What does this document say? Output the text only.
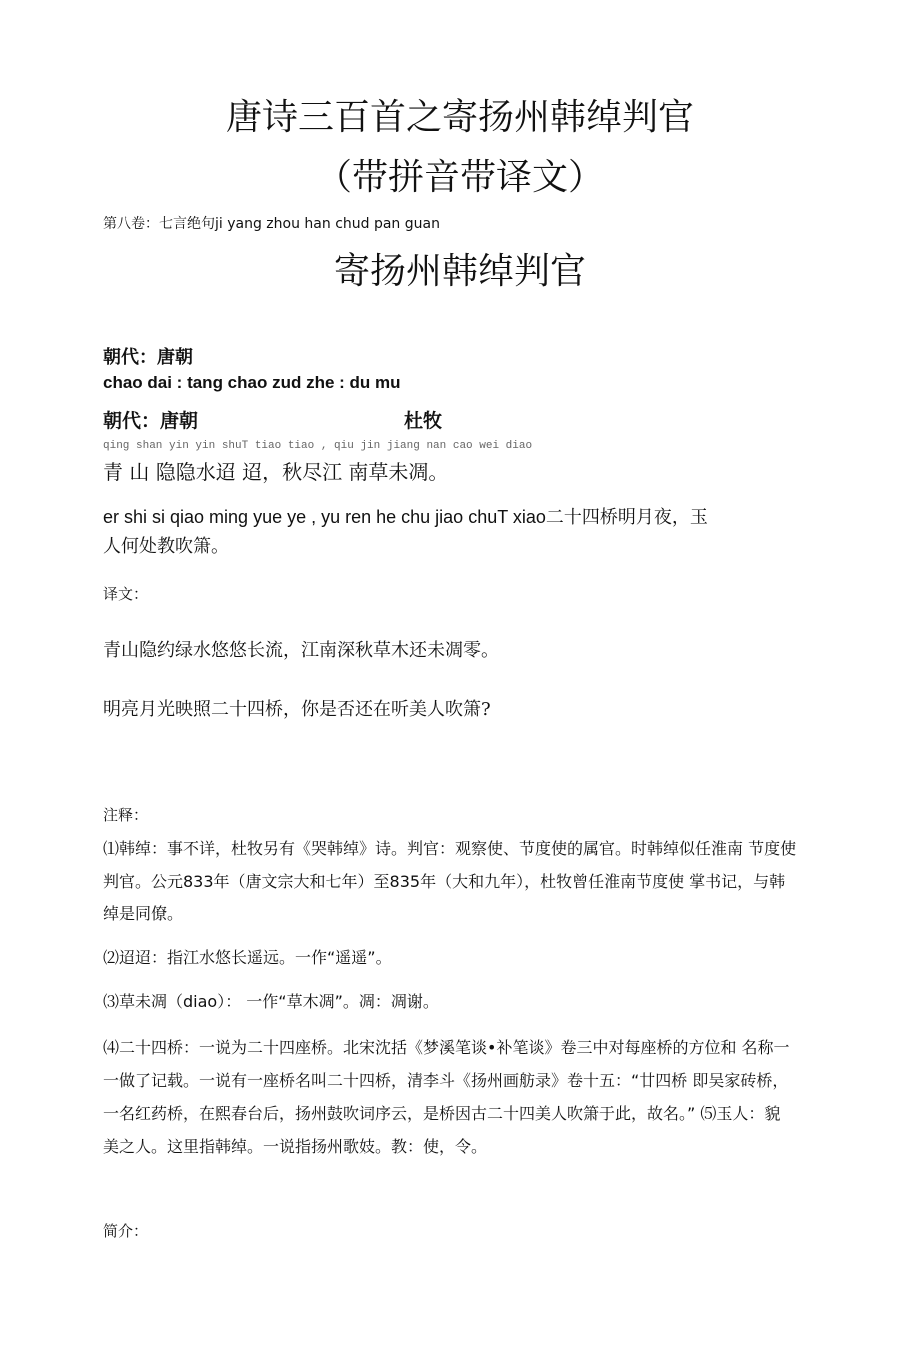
唐诗三百首之寄扬州韩绰判官
（带拼音带译文）
第八卷：七言绝句ji yang zhou han chud pan guan
寄扬州韩绰判官
朝代：唐朝
chao dai : tang chao zud zhe : du mu
朝代：唐朝	杜牧
qing shan yin yin shuT tiao tiao , qiu jin jiang nan cao wei diao
青 山 隐隐水迢 迢，秋尽江 南草未凋。
er shi si qiao ming yue ye , yu ren he chu jiao chuT xiao二十四桥明月夜，玉
人何处教吹箫。
译文：
青山隐约绿水悠悠长流，江南深秋草木还未凋零。
明亮月光映照二十四桥，你是否还在听美人吹箫?
注释：
⑴韩绰：事不详，杜牧另有《哭韩绰》诗。判官：观察使、节度使的属官。时韩绰似任淮南 节度使
判官。公元833年（唐文宗大和七年）至835年（大和九年），杜牧曾任淮南节度使 掌书记，与韩
绰是同僚。
⑵迢迢：指江水悠长遥远。一作“遥遥”。
⑶草未凋（diao）： 一作“草木凋”。凋：凋谢。
⑷二十四桥：一说为二十四座桥。北宋沈括《梦溪笔谈•补笔谈》卷三中对每座桥的方位和 名称一
一做了记载。一说有一座桥名叫二十四桥，清李斗《扬州画舫录》卷十五：“廿四桥 即吴家砖桥，
一名红药桥，在熙春台后，扬州鼓吹词序云，是桥因古二十四美人吹箫于此，故名。” ⑸玉人：貌
美之人。这里指韩绰。一说指扬州歌妓。教：使，令。
简介：
